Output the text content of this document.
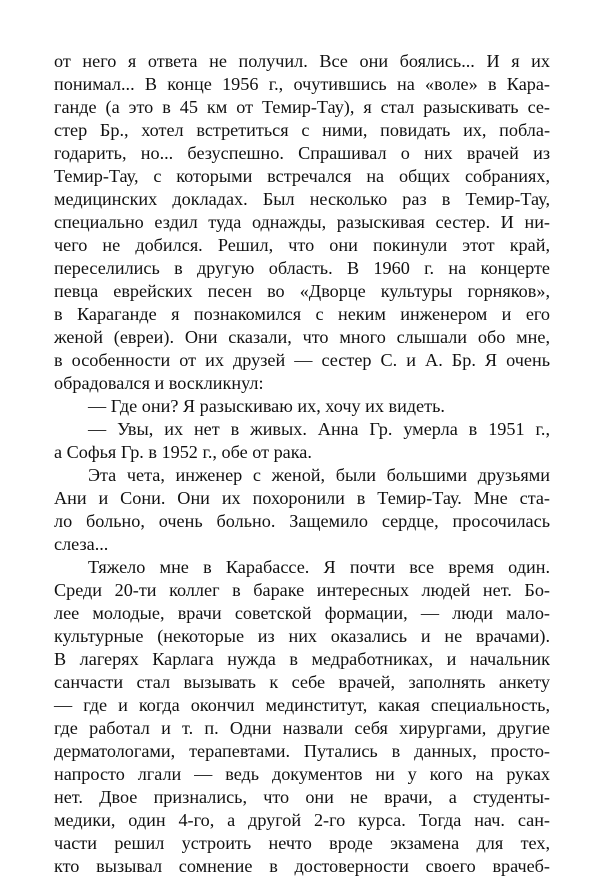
от него я ответа не получил. Все они боялись... И я их
понимал... В конце 1956 г., очутившись на «воле» в Кара-
ганде (а это в 45 км от Темир-Тау), я стал разыскивать се-
стер Бр., хотел встретиться с ними, повидать их, побла-
годарить, но... безуспешно. Спрашивал о них врачей из
Темир-Тау, с которыми встречался на общих собраниях,
медицинских докладах. Был несколько раз в Темир-Тау,
специально ездил туда однажды, разыскивая сестер. И ни-
чего не добился. Решил, что они покинули этот край,
переселились в другую область. В 1960 г. на концерте
певца еврейских песен во «Дворце культуры горняков»,
в Караганде я познакомился с неким инженером и его
женой (евреи). Они сказали, что много слышали обо мне,
в особенности от их друзей — сестер С. и А. Бр. Я очень
обрадовался и воскликнул:
— Где они? Я разыскиваю их, хочу их видеть.
— Увы, их нет в живых. Анна Гр. умерла в 1951 г.,
а Софья Гр. в 1952 г., обе от рака.
Эта чета, инженер с женой, были большими друзьями
Ани и Сони. Они их похоронили в Темир-Тау. Мне ста-
ло больно, очень больно. Защемило сердце, просочилась
слеза...
Тяжело мне в Карабассе. Я почти все время один.
Среди 20-ти коллег в бараке интересных людей нет. Бо-
лее молодые, врачи советской формации, — люди мало-
культурные (некоторые из них оказались и не врачами).
В лагерях Карлага нужда в медработниках, и начальник
санчасти стал вызывать к себе врачей, заполнять анкету
— где и когда окончил мединститут, какая специальность,
где работал и т. п. Одни назвали себя хирургами, другие
дерматологами, терапевтами. Путались в данных, просто-
напросто лгали — ведь документов ни у кого на руках
нет. Двое признались, что они не врачи, а студенты-
медики, один 4-го, а другой 2-го курса. Тогда нач. сан-
части решил устроить нечто вроде экзамена для тех,
кто вызывал сомнение в достоверности своего врачеб-
